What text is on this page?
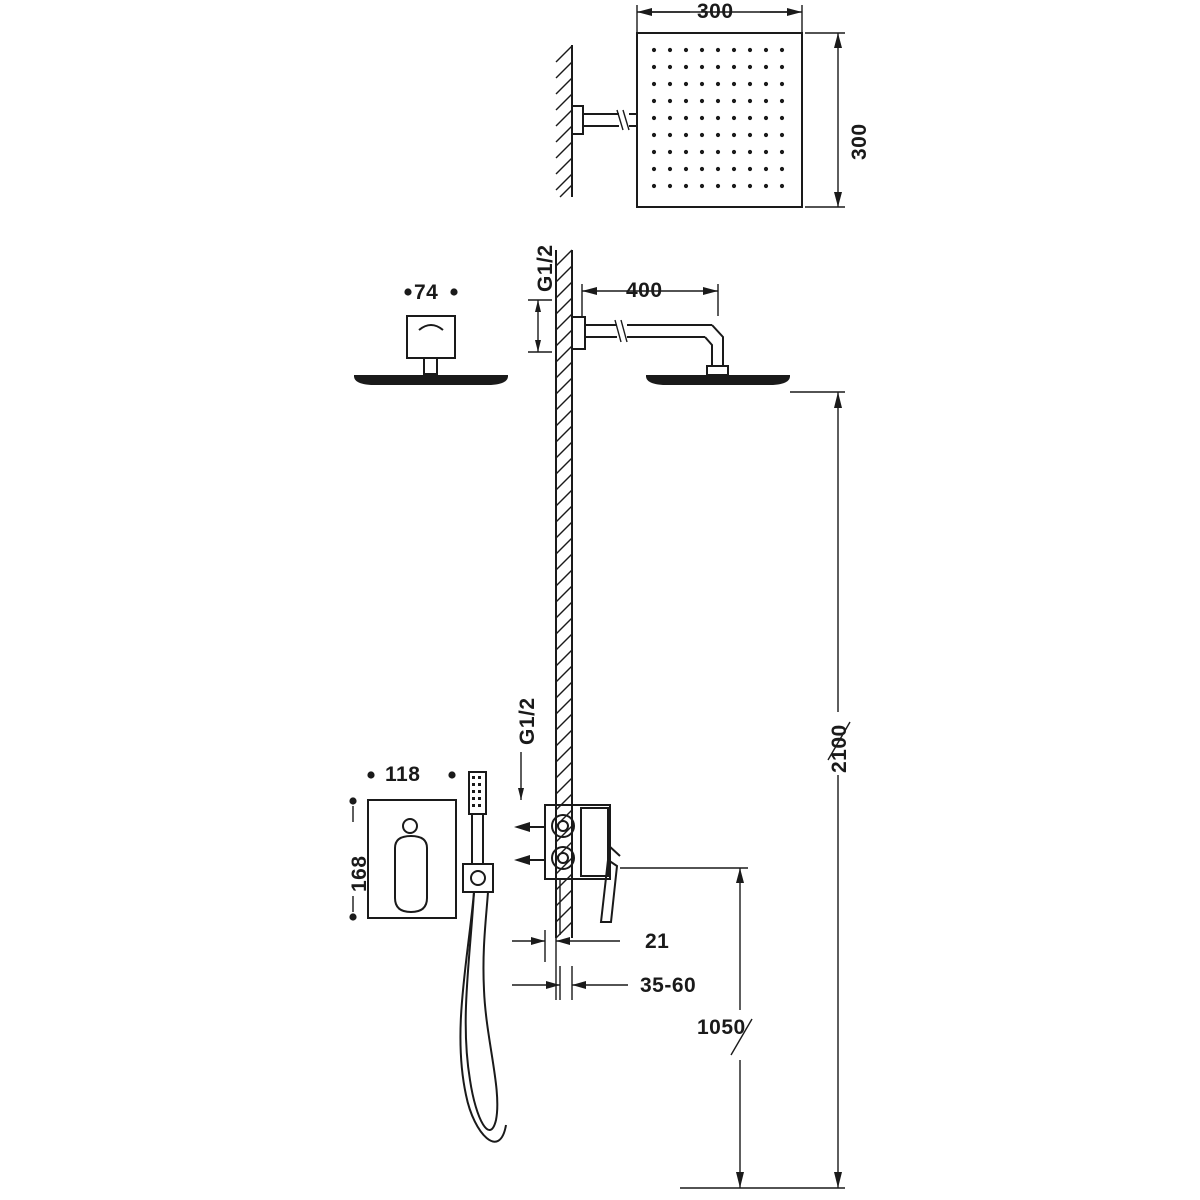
300
300
G1/2
74	400
2100
G1/2
118
168
21
35-60
1050
